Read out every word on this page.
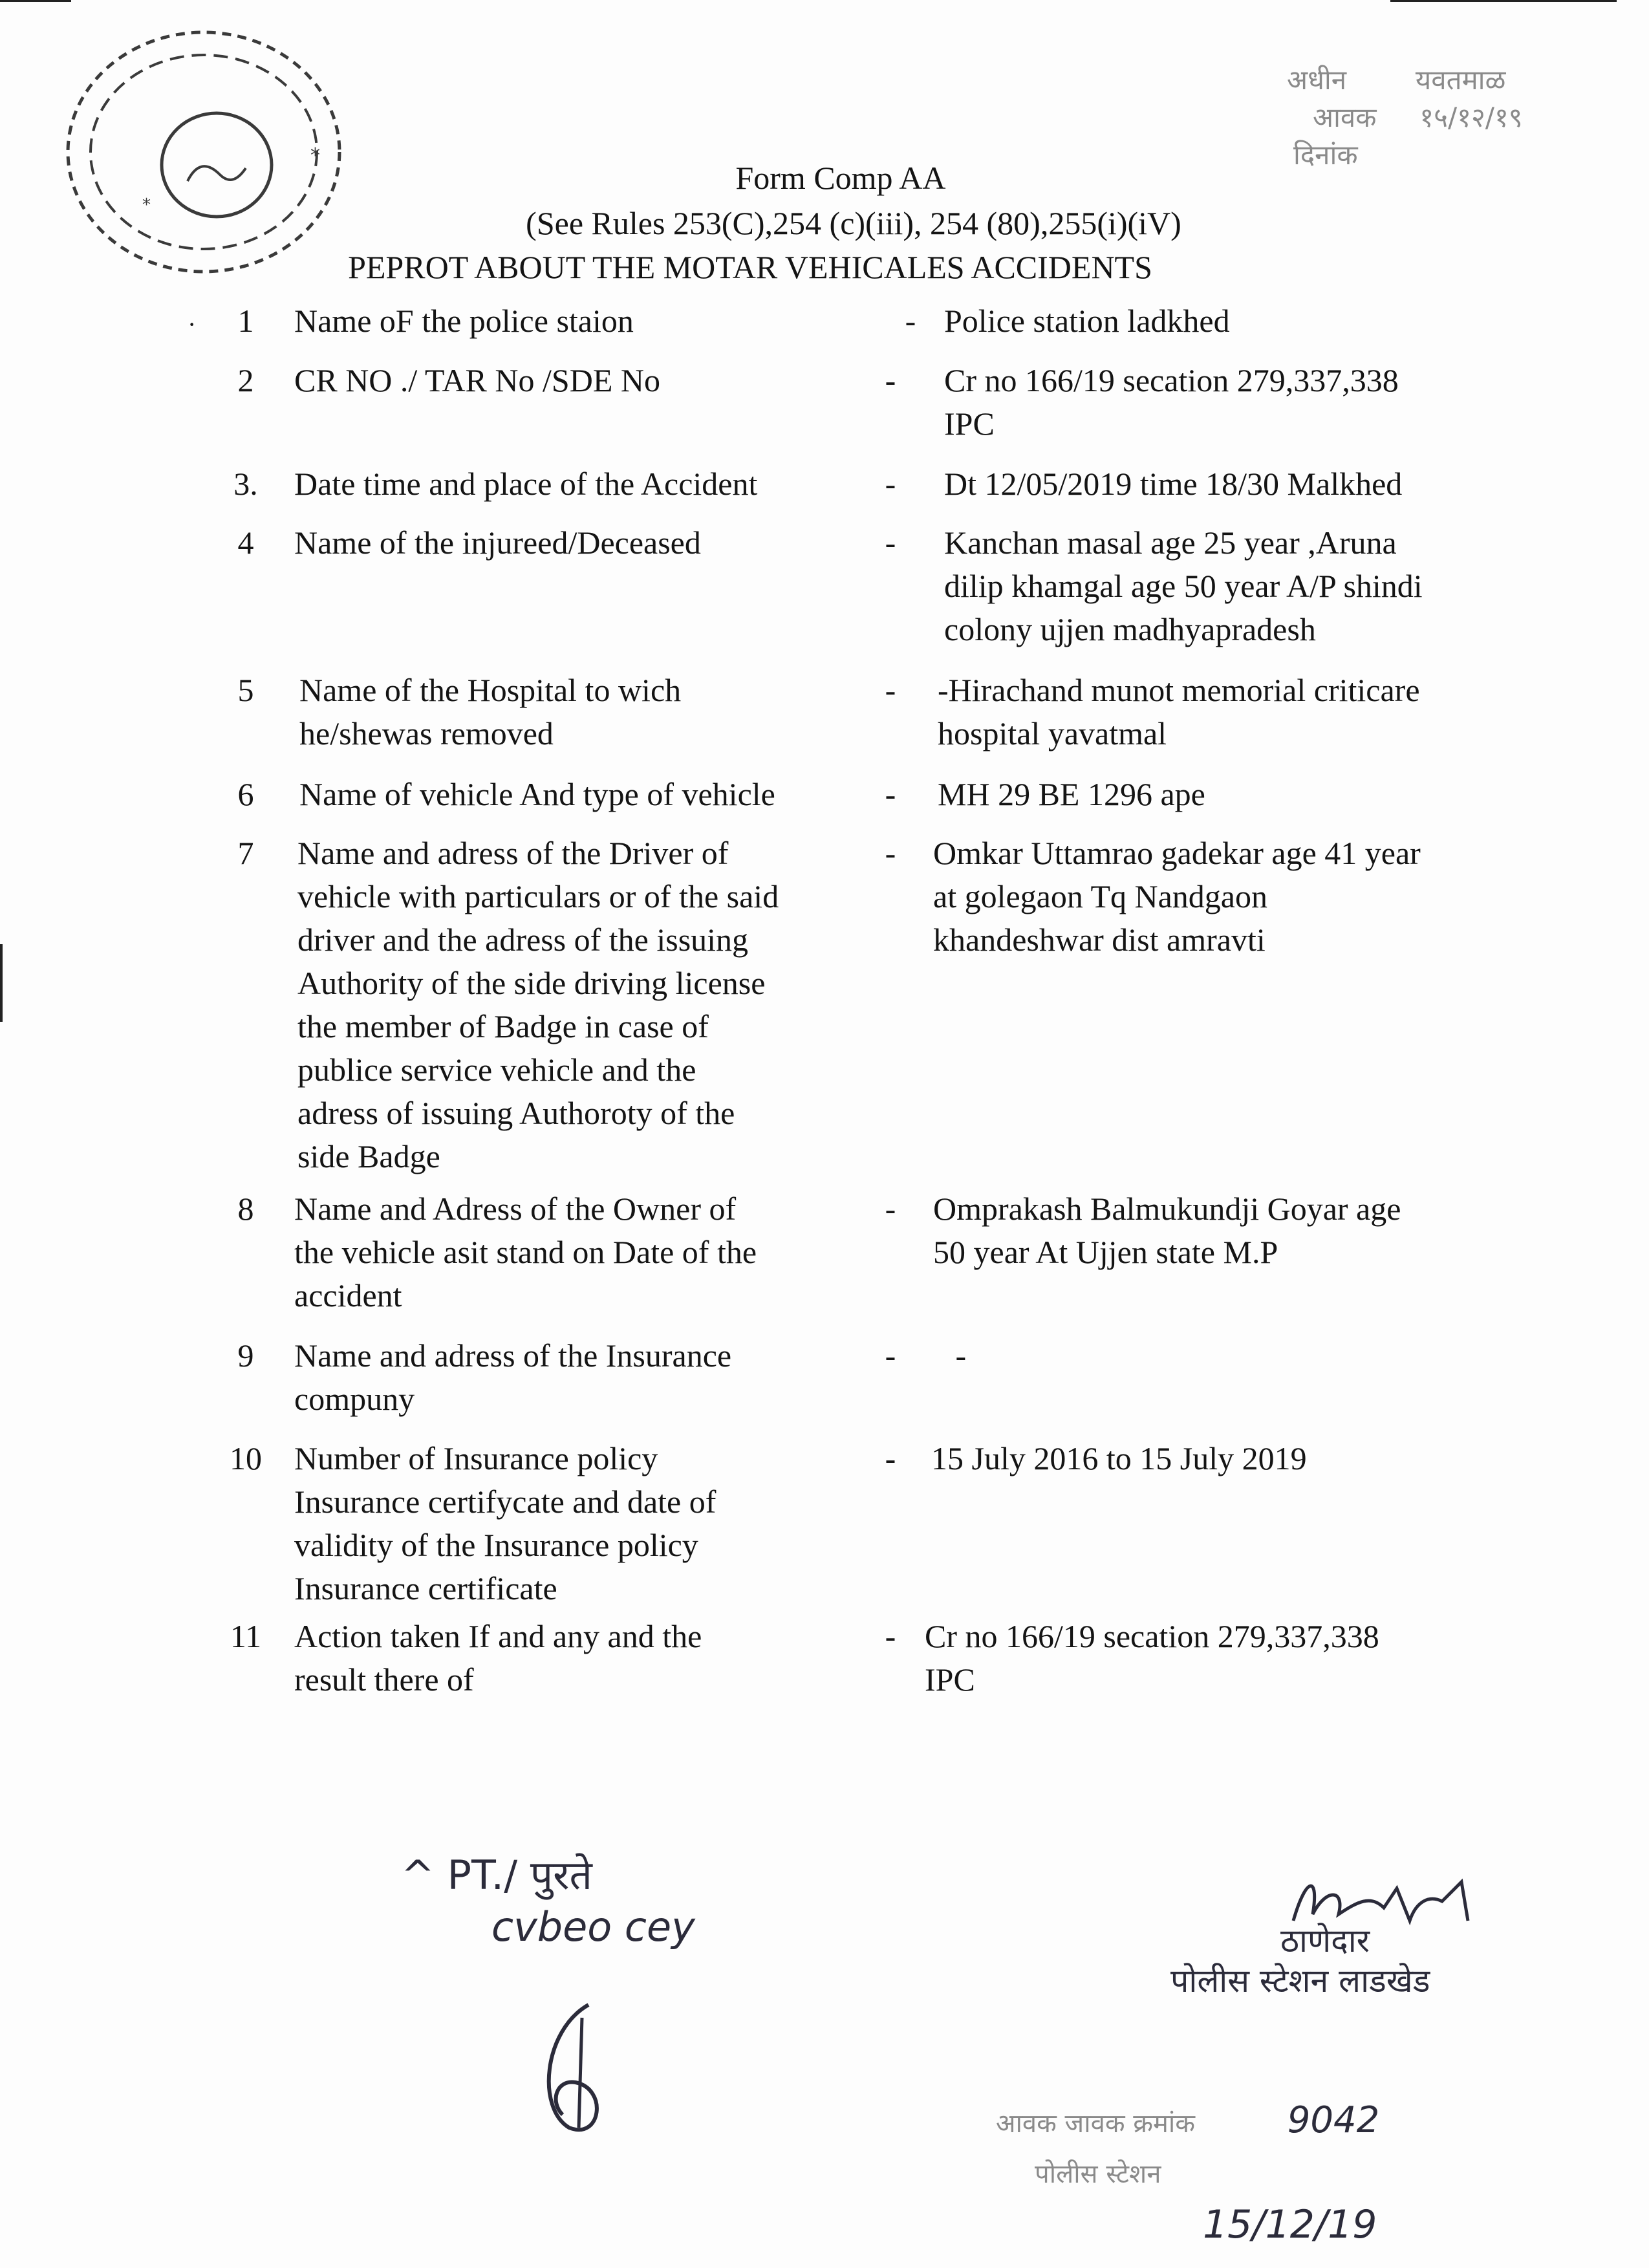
*
*
अधीन        यवतमाळ
आवक     १५/१२/१९
दिनांक
Form Comp AA
(See Rules 253(C),254 (c)(iii), 254 (80),255(i)(iV)
PEPROT ABOUT THE MOTAR VEHICALES ACCIDENTS
·	1	Name oF the police staion	- Police station ladkhed
2	CR NO ./ TAR No /SDE No	- Cr no 166/19 secation 279,337,338
IPC
3.	Date time and place of the Accident	- Dt 12/05/2019 time 18/30 Malkhed
4	Name of the injureed/Deceased	- Kanchan masal age 25 year ,Aruna
dilip khamgal age 50 year A/P shindi
colony ujjen madhyapradesh
5	Name of the Hospital to wich
he/shewas removed
- -Hirachand munot memorial criticare
hospital yavatmal
6	Name of vehicle And type of vehicle	- MH 29 BE 1296 ape
7	Name and adress of the Driver of
vehicle with particulars or of the said
driver and the adress of the issuing
Authority of the side driving license
the member of Badge in case of
publice service vehicle and the
adress of issuing Authoroty of the
side Badge
- Omkar Uttamrao gadekar age 41 year
at golegaon Tq Nandgaon
khandeshwar dist amravti
8	Name and Adress of the Owner of
the vehicle asit stand on Date of the
accident
- Omprakash Balmukundji Goyar age
50 year At Ujjen state M.P
9	Name and adress of the Insurance
compuny
- -
10	Number of Insurance policy
Insurance certifycate and date of
validity of the Insurance policy
Insurance certificate
- 15 July 2016 to 15 July 2019
11	Action taken If and any and the
result there of
- Cr no 166/19 secation 279,337,338
IPC
^ PT./ पुरते
cvbeo cey	ठाणेदार
पोलीस स्टेशन लाडखेड
आवक जावक क्रमांक	9042
पोलीस स्टेशन
15/12/19
